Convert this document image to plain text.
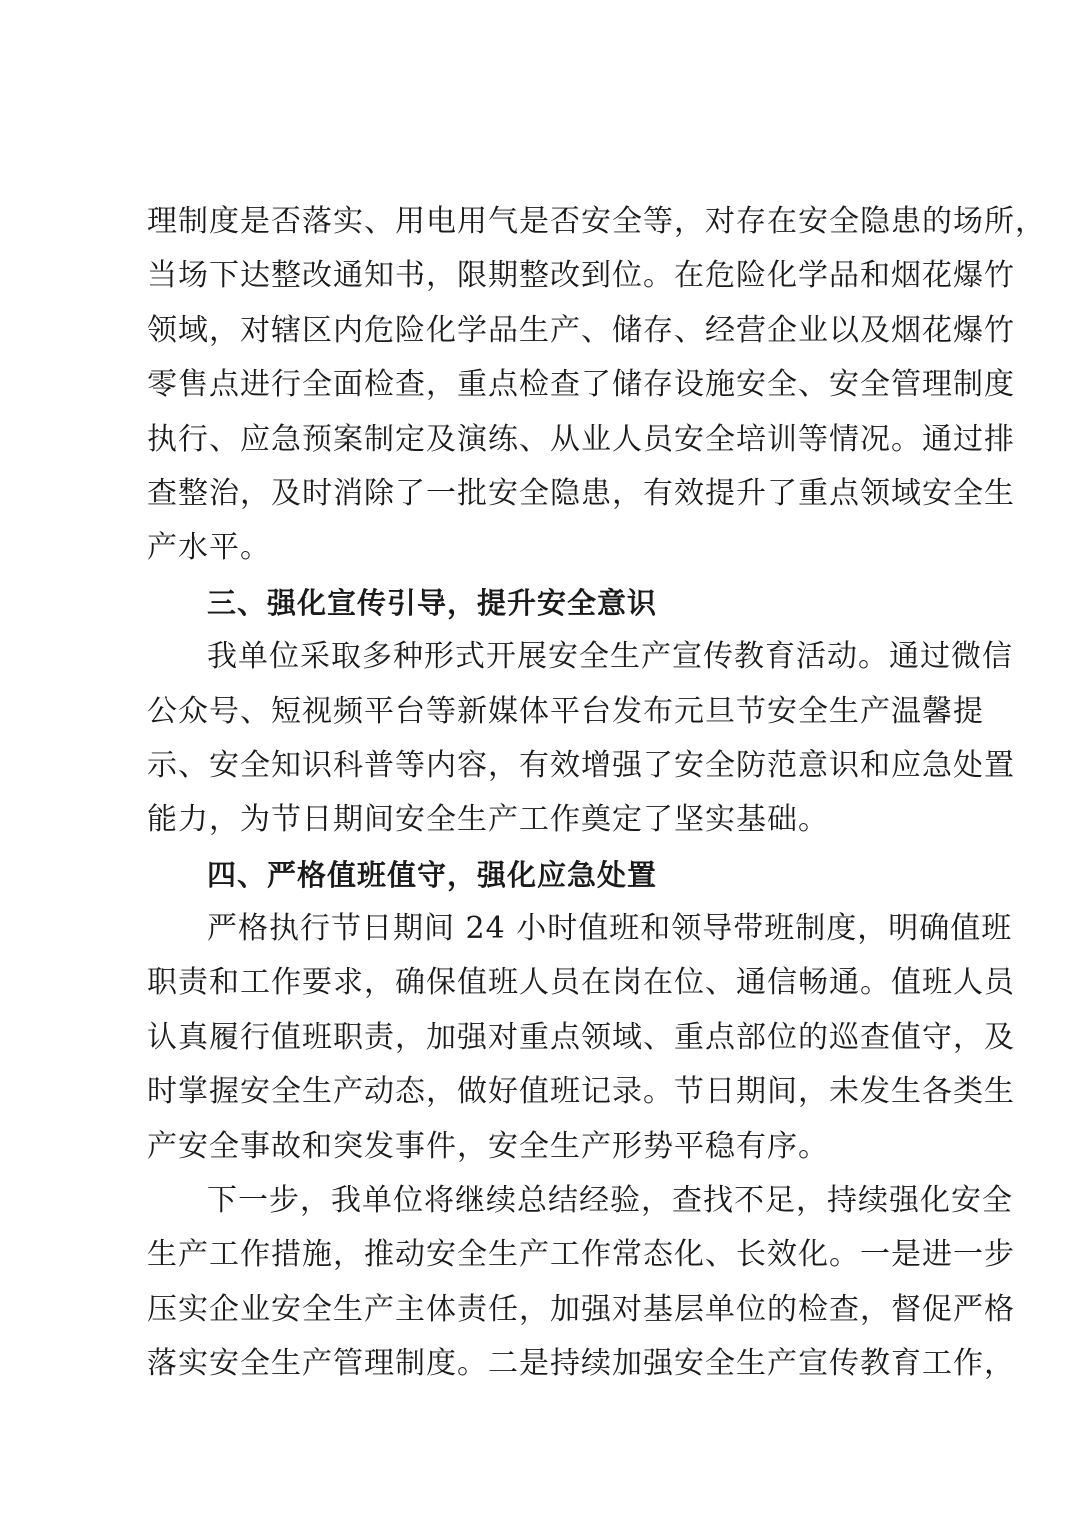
理制度是否落实、用电用气是否安全等，对存在安全隐患的场所，
当场下达整改通知书，限期整改到位。在危险化学品和烟花爆竹
领域，对辖区内危险化学品生产、储存、经营企业以及烟花爆竹
零售点进行全面检查，重点检查了储存设施安全、安全管理制度
执行、应急预案制定及演练、从业人员安全培训等情况。通过排
查整治，及时消除了一批安全隐患，有效提升了重点领域安全生
产水平。
三、强化宣传引导，提升安全意识
我单位采取多种形式开展安全生产宣传教育活动。通过微信
公众号、短视频平台等新媒体平台发布元旦节安全生产温馨提
示、安全知识科普等内容，有效增强了安全防范意识和应急处置
能力，为节日期间安全生产工作奠定了坚实基础。
四、严格值班值守，强化应急处置
严格执行节日期间 24 小时值班和领导带班制度，明确值班
职责和工作要求，确保值班人员在岗在位、通信畅通。值班人员
认真履行值班职责，加强对重点领域、重点部位的巡查值守，及
时掌握安全生产动态，做好值班记录。节日期间，未发生各类生
产安全事故和突发事件，安全生产形势平稳有序。
下一步，我单位将继续总结经验，查找不足，持续强化安全
生产工作措施，推动安全生产工作常态化、长效化。一是进一步
压实企业安全生产主体责任，加强对基层单位的检查，督促严格
落实安全生产管理制度。二是持续加强安全生产宣传教育工作，
